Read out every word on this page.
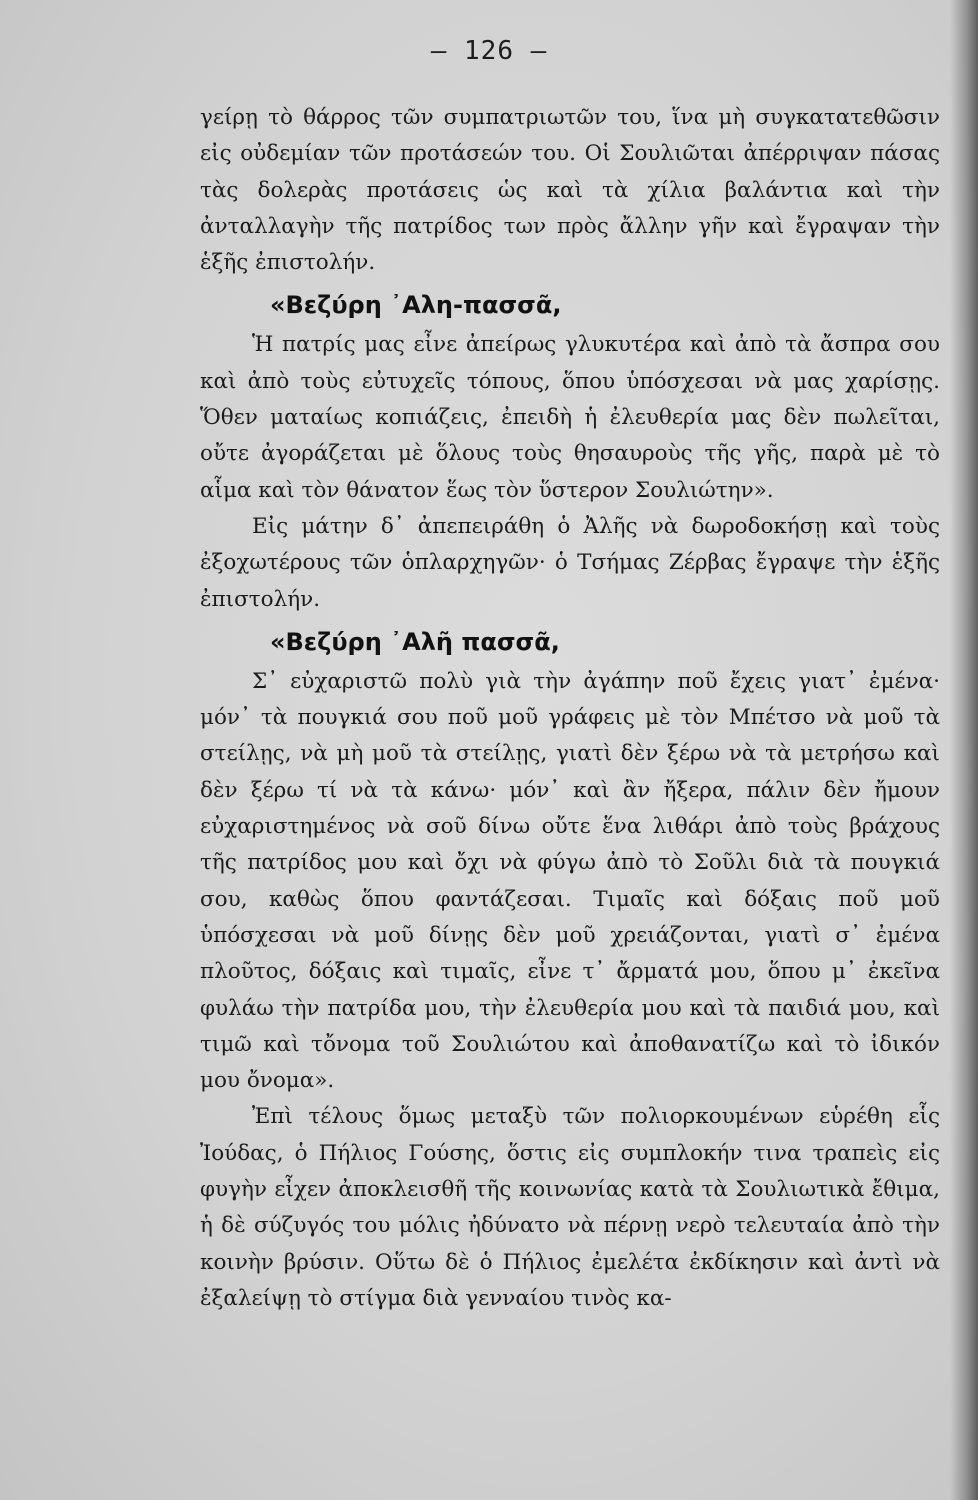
— 126 —

γείρῃ τὸ θάρρος τῶν συμπατριωτῶν του, ἵνα μὴ συγκατατεθῶσιν εἰς οὐδεμίαν τῶν προτάσεών του. Οἱ Σουλιῶται ἀπέρριψαν πάσας τὰς δολερὰς προτάσεις ὡς καὶ τὰ χίλια βαλάντια καὶ τὴν ἀνταλλαγὴν τῆς πατρίδος των πρὸς ἄλλην γῆν καὶ ἔγραψαν τὴν ἑξῆς ἐπιστολήν.

«Βεζύρη ᾿Αλη-πασσᾶ,

Ἡ πατρίς μας εἶνε ἀπείρως γλυκυτέρα καὶ ἀπὸ τὰ ἄσπρα σου καὶ ἀπὸ τοὺς εὐτυχεῖς τόπους, ὅπου ὑπόσχεσαι νὰ μας χαρίσῃς. Ὅθεν ματαίως κοπιάζεις, ἐπειδὴ ἡ ἐλευθερία μας δὲν πωλεῖται, οὔτε ἀγοράζεται μὲ ὅλους τοὺς θησαυροὺς τῆς γῆς, παρὰ μὲ τὸ αἷμα καὶ τὸν θάνατον ἕως τὸν ὕστερον Σουλιώτην».

Εἰς μάτην δ᾿ ἀπεπειράθη ὁ Ἀλῆς νὰ δωροδοκήσῃ καὶ τοὺς ἐξοχωτέρους τῶν ὁπλαρχηγῶν· ὁ Τσήμας Ζέρβας ἔγραψε τὴν ἑξῆς ἐπιστολήν.

«Βεζύρη ᾿Αλῆ πασσᾶ,

Σ᾿ εὐχαριστῶ πολὺ γιὰ τὴν ἀγάπην ποῦ ἔχεις γιατ᾿ ἐμένα· μόν᾿ τὰ πουγκιά σου ποῦ μοῦ γράφεις μὲ τὸν Μπέτσο νὰ μοῦ τὰ στείλῃς, νὰ μὴ μοῦ τὰ στείλῃς, γιατὶ δὲν ξέρω νὰ τὰ μετρήσω καὶ δὲν ξέρω τί νὰ τὰ κάνω· μόν᾿ καὶ ἂν ἤξερα, πάλιν δὲν ἤμουν εὐχαριστημένος νὰ σοῦ δίνω οὔτε ἕνα λιθάρι ἀπὸ τοὺς βράχους τῆς πατρίδος μου καὶ ὄχι νὰ φύγω ἀπὸ τὸ Σοῦλι διὰ τὰ πουγκιά σου, καθὼς ὅπου φαντάζεσαι. Τιμαῖς καὶ δόξαις ποῦ μοῦ ὑπόσχεσαι νὰ μοῦ δίνῃς δὲν μοῦ χρειάζονται, γιατὶ σ᾿ ἐμένα πλοῦτος, δόξαις καὶ τιμαῖς, εἶνε τ᾿ ἄρματά μου, ὅπου μ᾿ ἐκεῖνα φυλάω τὴν πατρίδα μου, τὴν ἐλευθερία μου καὶ τὰ παιδιά μου, καὶ τιμῶ καὶ τὄνομα τοῦ Σουλιώτου καὶ ἀποθανατίζω καὶ τὸ ἰδικόν μου ὄνομα».

Ἐπὶ τέλους ὅμως μεταξὺ τῶν πολιορκουμένων εὑρέθη εἷς Ἰούδας, ὁ Πήλιος Γούσης, ὅστις εἰς συμπλοκήν τινα τραπεὶς εἰς φυγὴν εἶχεν ἀποκλεισθῆ τῆς κοινωνίας κατὰ τὰ Σουλιωτικὰ ἔθιμα, ἡ δὲ σύζυγός του μόλις ἠδύνατο νὰ πέρνῃ νερὸ τελευταία ἀπὸ τὴν κοινὴν βρύσιν. Οὕτω δὲ ὁ Πήλιος ἐμελέτα ἐκδίκησιν καὶ ἀντὶ νὰ ἐξαλείψῃ τὸ στίγμα διὰ γενναίου τινὸς κα-
